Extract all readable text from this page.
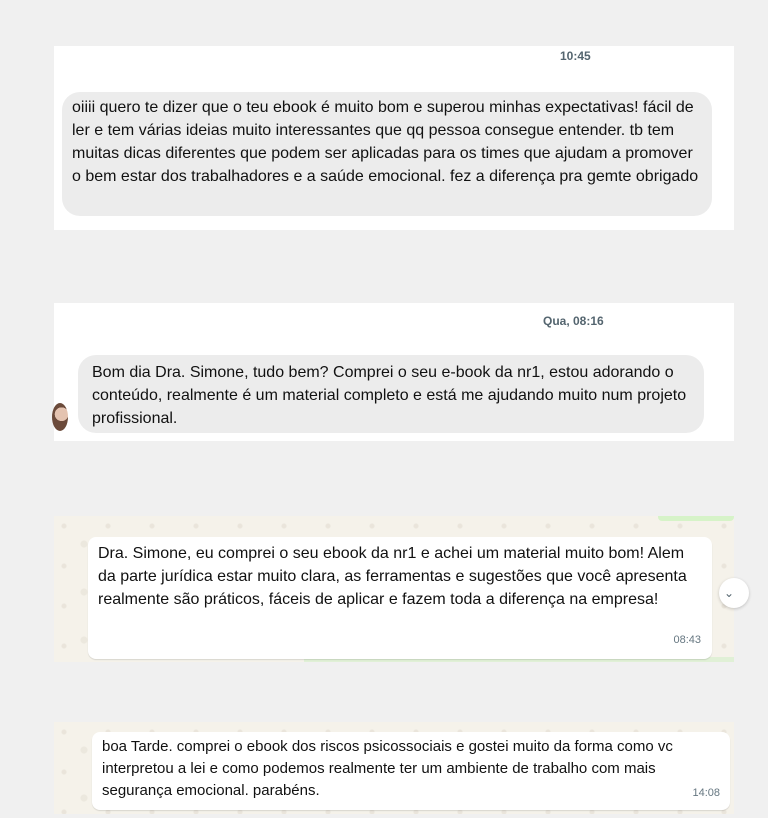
10:45
oiiii quero te dizer que o teu ebook é muito bom e superou minhas expectativas! fácil de ler e tem várias ideias muito interessantes que qq pessoa consegue entender. tb tem muitas dicas diferentes que podem ser aplicadas para os times que ajudam a promover o bem estar dos trabalhadores e a saúde emocional. fez a diferença pra gemte obrigado
Qua, 08:16
Bom dia Dra. Simone, tudo bem? Comprei o seu e-book da nr1, estou adorando o conteúdo, realmente é um material completo e está me ajudando muito num projeto profissional.
Dra. Simone, eu comprei o seu ebook da nr1 e achei um material muito bom! Alem da parte jurídica estar muito clara, as ferramentas e sugestões que você apresenta realmente são práticos, fáceis de aplicar e fazem toda a diferença na empresa!
08:43
⌄
boa Tarde. comprei o ebook dos riscos psicossociais e gostei muito da forma como vc interpretou a lei e como podemos realmente ter um ambiente de trabalho com mais segurança emocional. parabéns.	14:08
